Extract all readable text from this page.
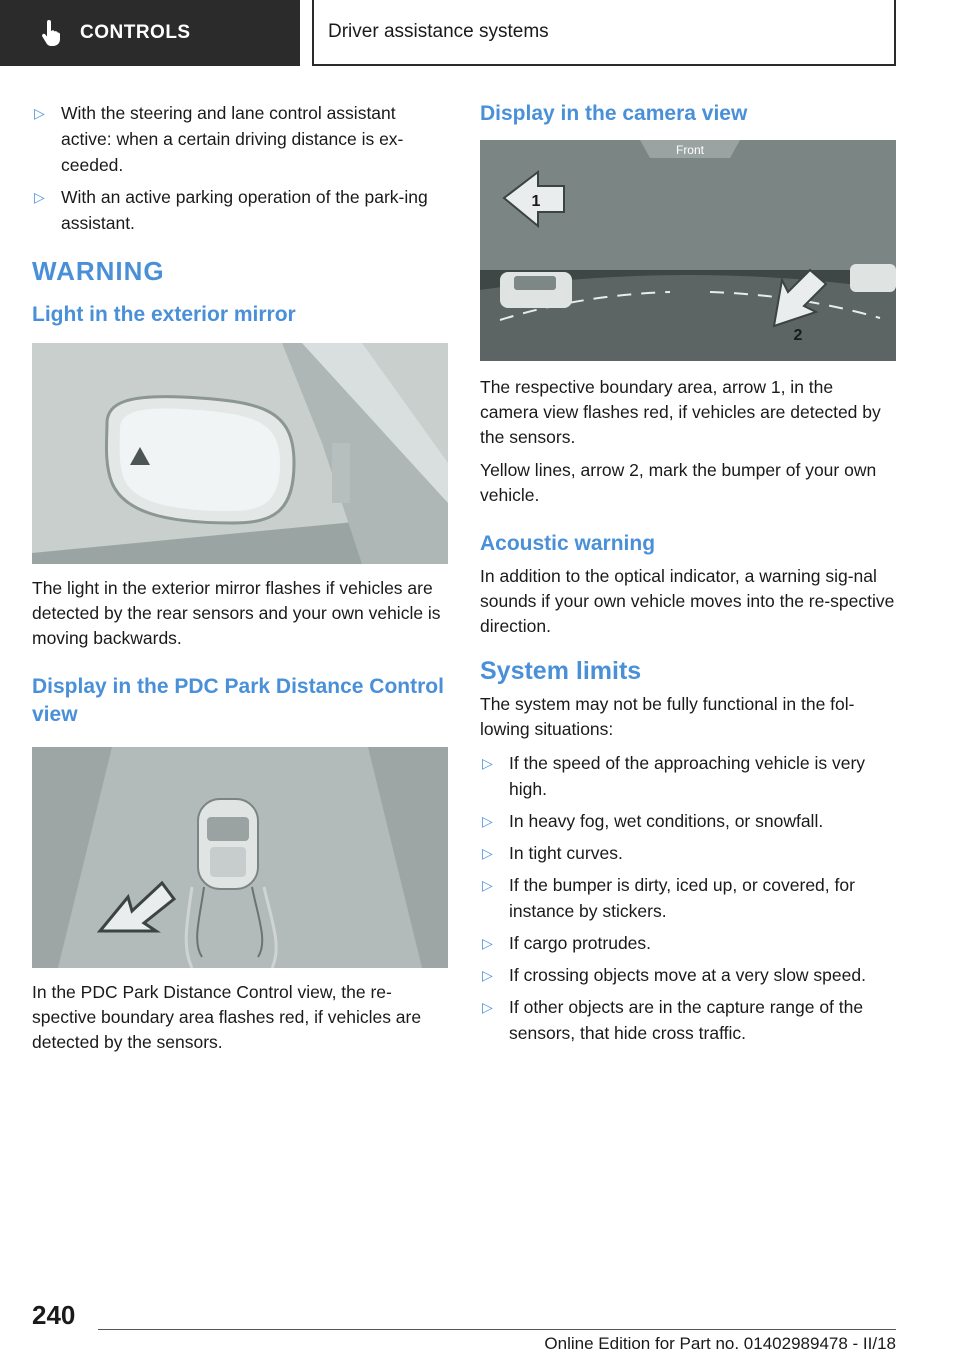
CONTROLS	Driver assistance systems
▷ With the steering and lane control assistant active: when a certain driving distance is ex‐ceeded.
▷ With an active parking operation of the park‐ing assistant.
WARNING
Light in the exterior mirror
The light in the exterior mirror flashes if vehicles are detected by the rear sensors and your own vehicle is moving backwards.
Display in the PDC Park Distance Control view
In the PDC Park Distance Control view, the re‐spective boundary area flashes red, if vehicles are detected by the sensors.
Display in the camera view
Front
1
2
The respective boundary area, arrow 1, in the camera view flashes red, if vehicles are detected by the sensors.
Yellow lines, arrow 2, mark the bumper of your own vehicle.
Acoustic warning
In addition to the optical indicator, a warning sig‐nal sounds if your own vehicle moves into the re‐spective direction.
System limits
The system may not be fully functional in the fol‐lowing situations:
▷ If the speed of the approaching vehicle is very high.
▷ In heavy fog, wet conditions, or snowfall.
▷ In tight curves.
▷ If the bumper is dirty, iced up, or covered, for instance by stickers.
▷ If cargo protrudes.
▷ If crossing objects move at a very slow speed.
▷ If other objects are in the capture range of the sensors, that hide cross traffic.
240
Online Edition for Part no. 01402989478 - II/18
